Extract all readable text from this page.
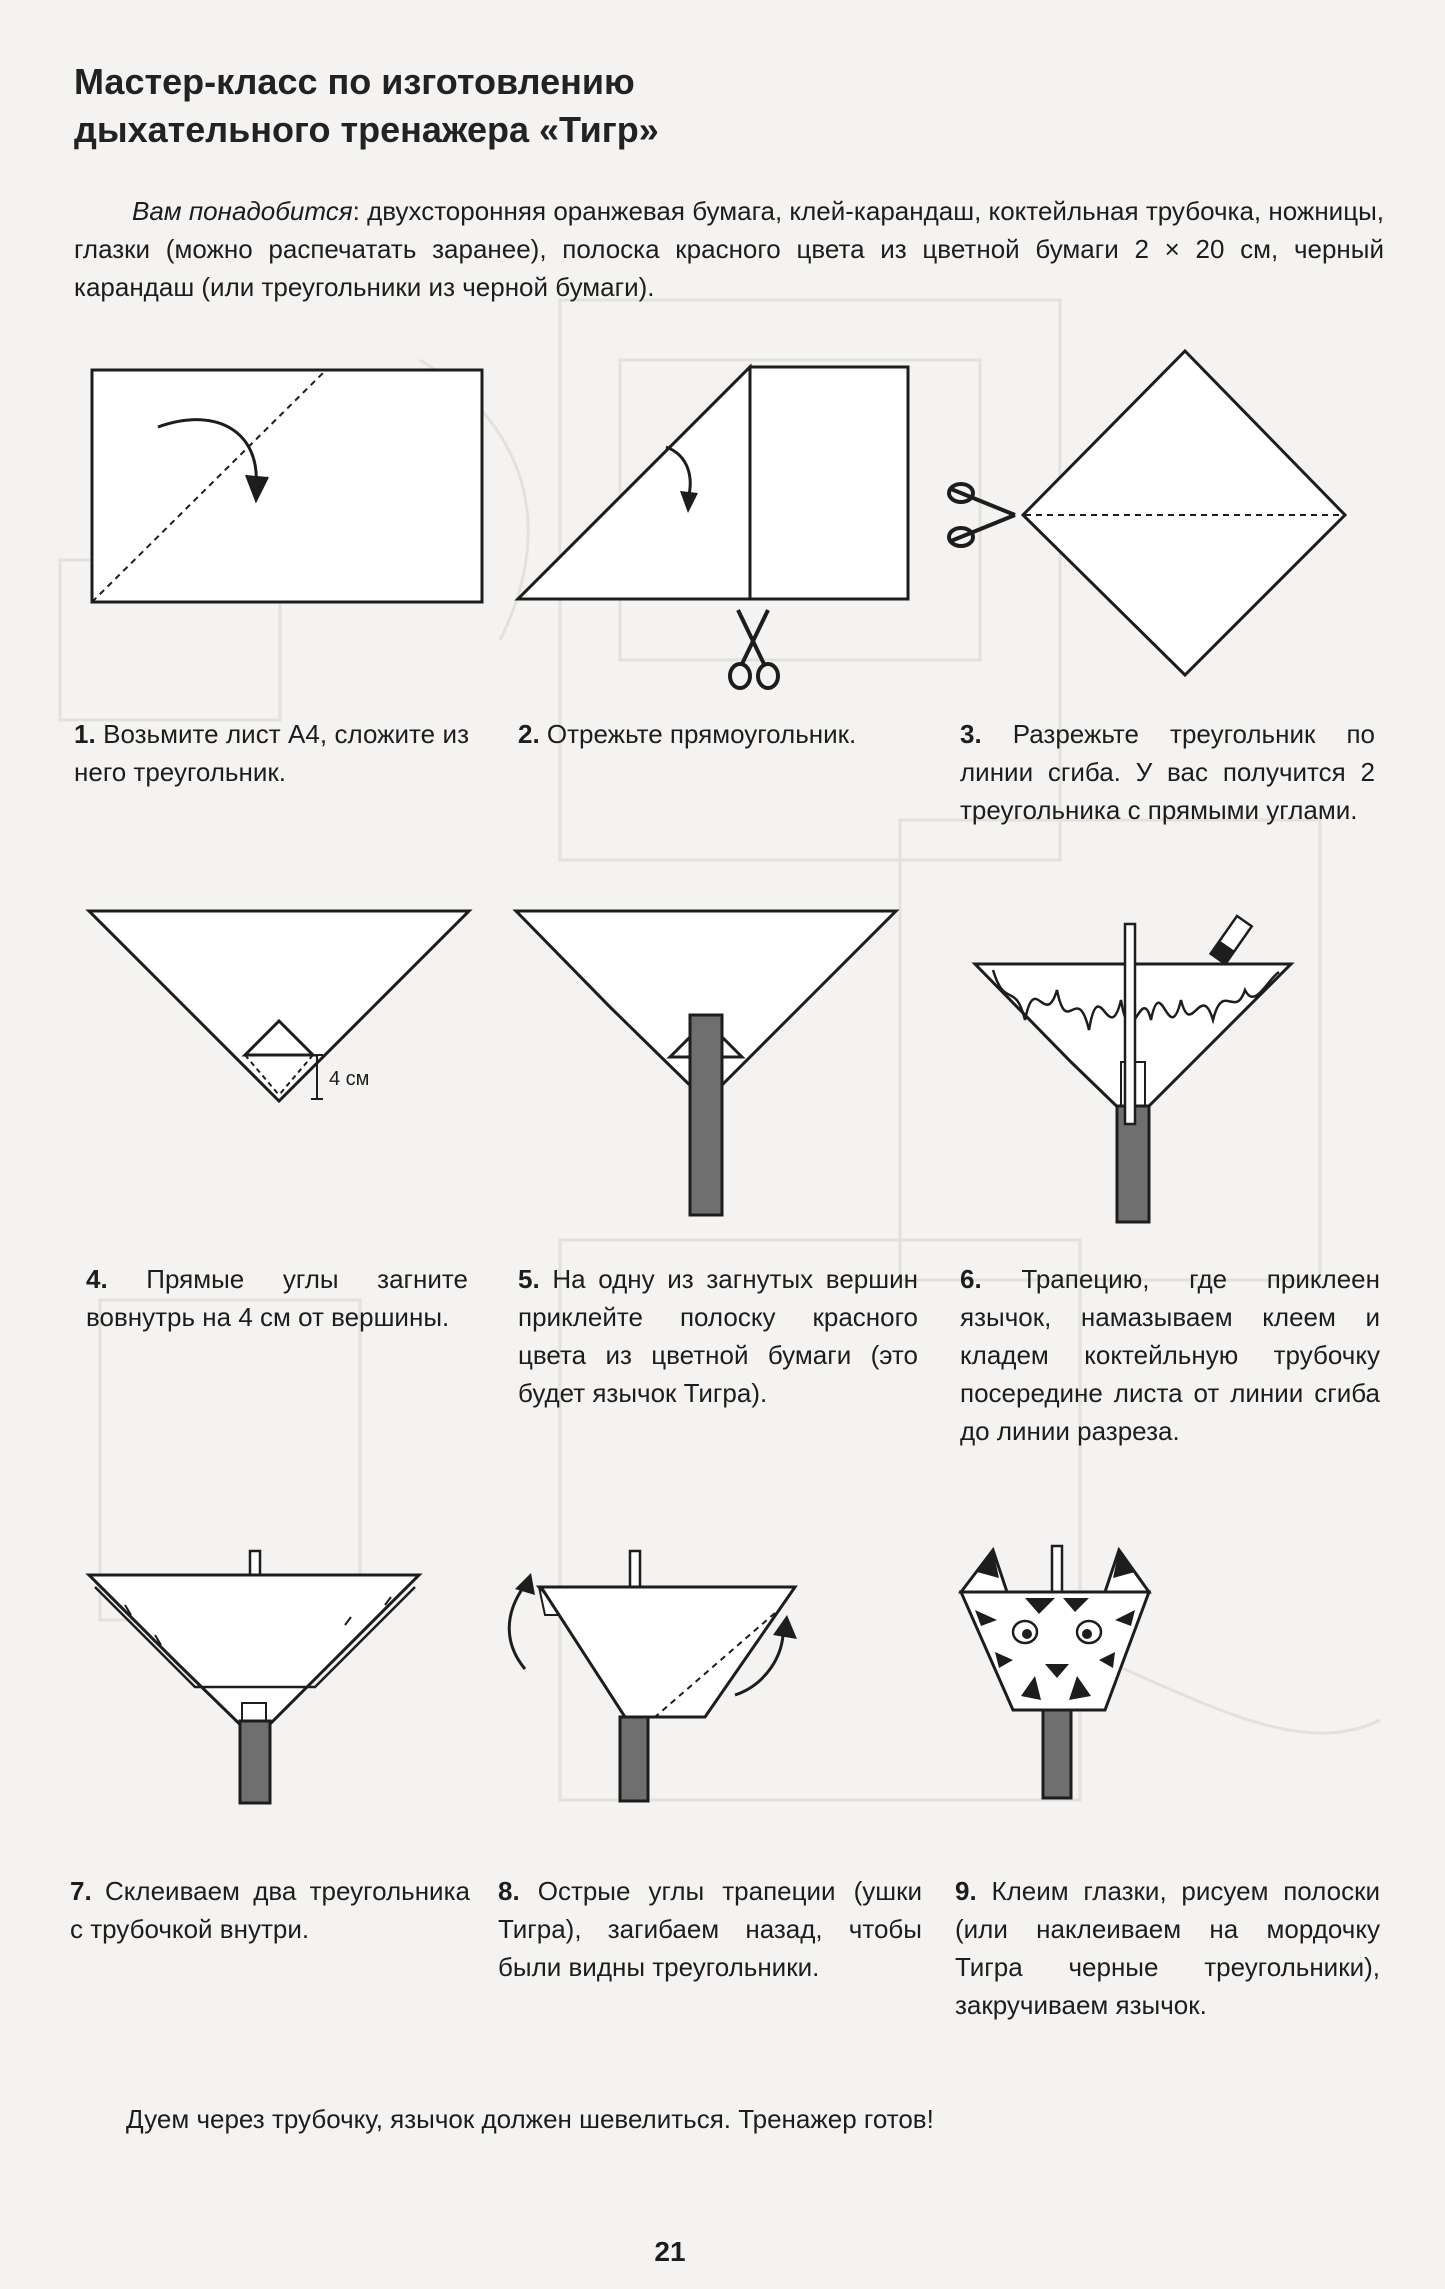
Мастер-класс по изготовлению
дыхательного тренажера «Тигр»
Вам понадобится: двухсторонняя оранжевая бумага, клей-карандаш, коктейльная трубочка, ножницы, глазки (можно распечатать заранее), полоска красного цвета из цветной бумаги 2 × 20 см, черный карандаш (или треугольники из черной бумаги).
1. Возьмите лист А4, сложите из него треугольник.
2. Отрежьте прямоугольник.	3. Разрежьте треугольник по линии сгиба. У вас получится 2 треугольника с прямыми углами.
4 см
4. Прямые углы загните вовнутрь на 4 см от вершины.
5. На одну из загнутых вершин приклейте полоску красного цвета из цветной бумаги (это будет язычок Тигра).
6. Трапецию, где приклеен язычок, намазываем клеем и кладем коктейльную трубочку посередине листа от линии сгиба до линии разреза.
7. Склеиваем два треугольника с трубочкой внутри.
8. Острые углы трапеции (ушки Тигра), загибаем назад, чтобы были видны треугольники.
9. Клеим глазки, рисуем полоски (или наклеиваем на мордочку Тигра черные треугольники), закручиваем язычок.
Дуем через трубочку, язычок должен шевелиться. Тренажер готов!
21
